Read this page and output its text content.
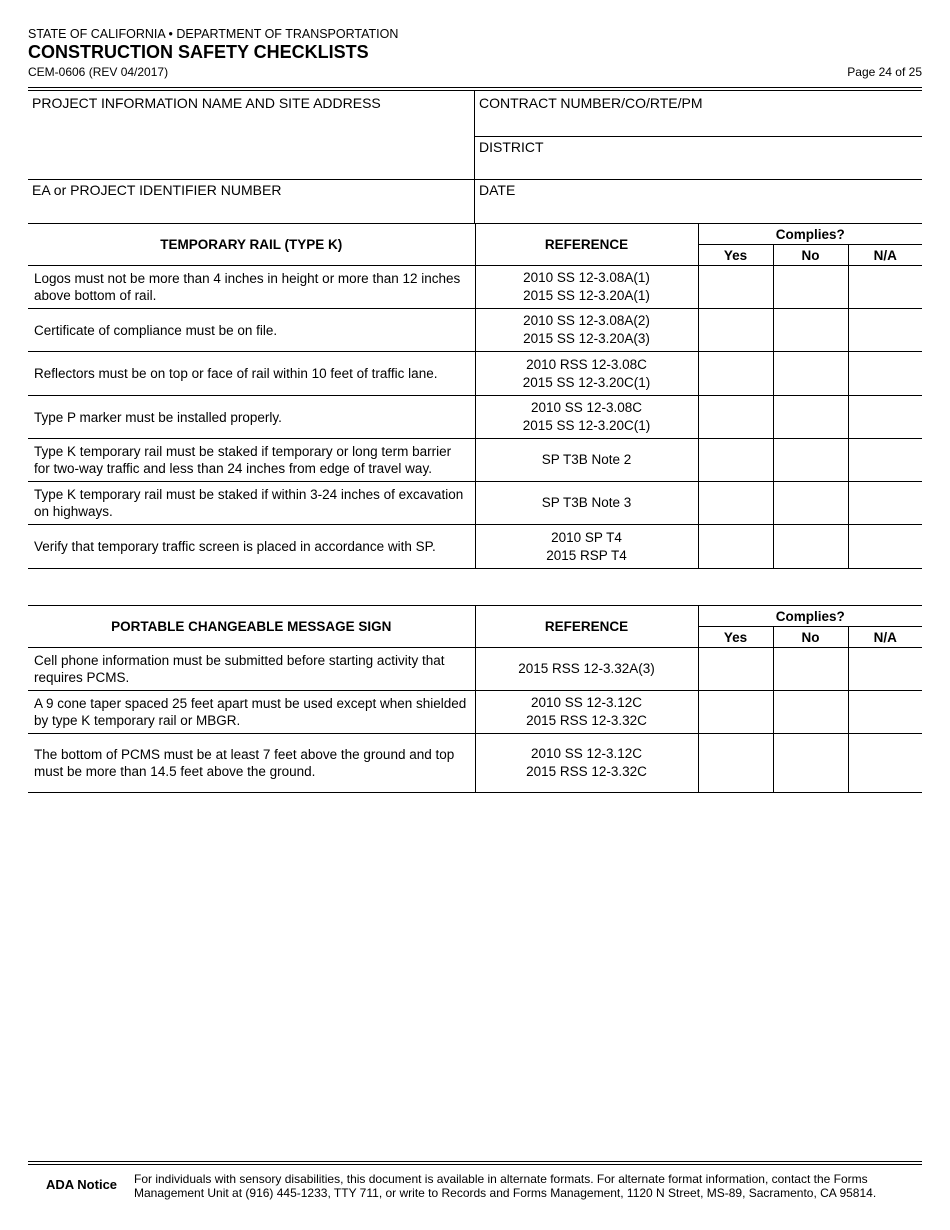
STATE OF CALIFORNIA • DEPARTMENT OF TRANSPORTATION
CONSTRUCTION SAFETY CHECKLISTS
CEM-0606 (REV 04/2017)	Page 24 of 25
PROJECT INFORMATION NAME AND SITE ADDRESS
EA or PROJECT IDENTIFIER NUMBER
CONTRACT NUMBER/CO/RTE/PM
DISTRICT
DATE
TEMPORARY RAIL (TYPE K)	REFERENCE	Complies?		
		Yes	No	N/A
Logos must not be more than 4 inches in height or more than 12 inches above bottom of rail.	2010 SS 12-3.08A(1)
2015 SS 12-3.20A(1)			

Certificate of compliance must be on file.	2010 SS 12-3.08A(2)
2015 SS 12-3.20A(3)			

Reflectors must be on top or face of rail within 10 feet of traffic lane.	2010 RSS 12-3.08C
2015 SS 12-3.20C(1)			

Type P marker must be installed properly.	2010 SS 12-3.08C
2015 SS 12-3.20C(1)			

Type K temporary rail must be staked if temporary or long term barrier for two-way traffic and less than 24 inches from edge of travel way.	SP T3B Note 2			

Type K temporary rail must be staked if within 3-24 inches of excavation on highways.	SP T3B Note 3			

Verify that temporary traffic screen is placed in accordance with SP.	2010 SP T4
2015 RSP T4			

PORTABLE CHANGEABLE MESSAGE SIGN	REFERENCE	Complies?		
		Yes	No	N/A
Cell phone information must be submitted before starting activity that requires PCMS.	2015 RSS 12-3.32A(3)			

A 9 cone taper spaced 25 feet apart must be used except when shielded by type K temporary rail or MBGR.	2010 SS 12-3.12C
2015 RSS 12-3.32C			

The bottom of PCMS must be at least 7 feet above the ground and top must be more than 14.5 feet above the ground.	2010 SS 12-3.12C
2015 RSS 12-3.32C			

ADA Notice For individuals with sensory disabilities, this document is available in alternate formats. For alternate format information, contact the Forms Management Unit at (916) 445-1233, TTY 711, or write to Records and Forms Management, 1120 N Street, MS-89, Sacramento, CA 95814.
